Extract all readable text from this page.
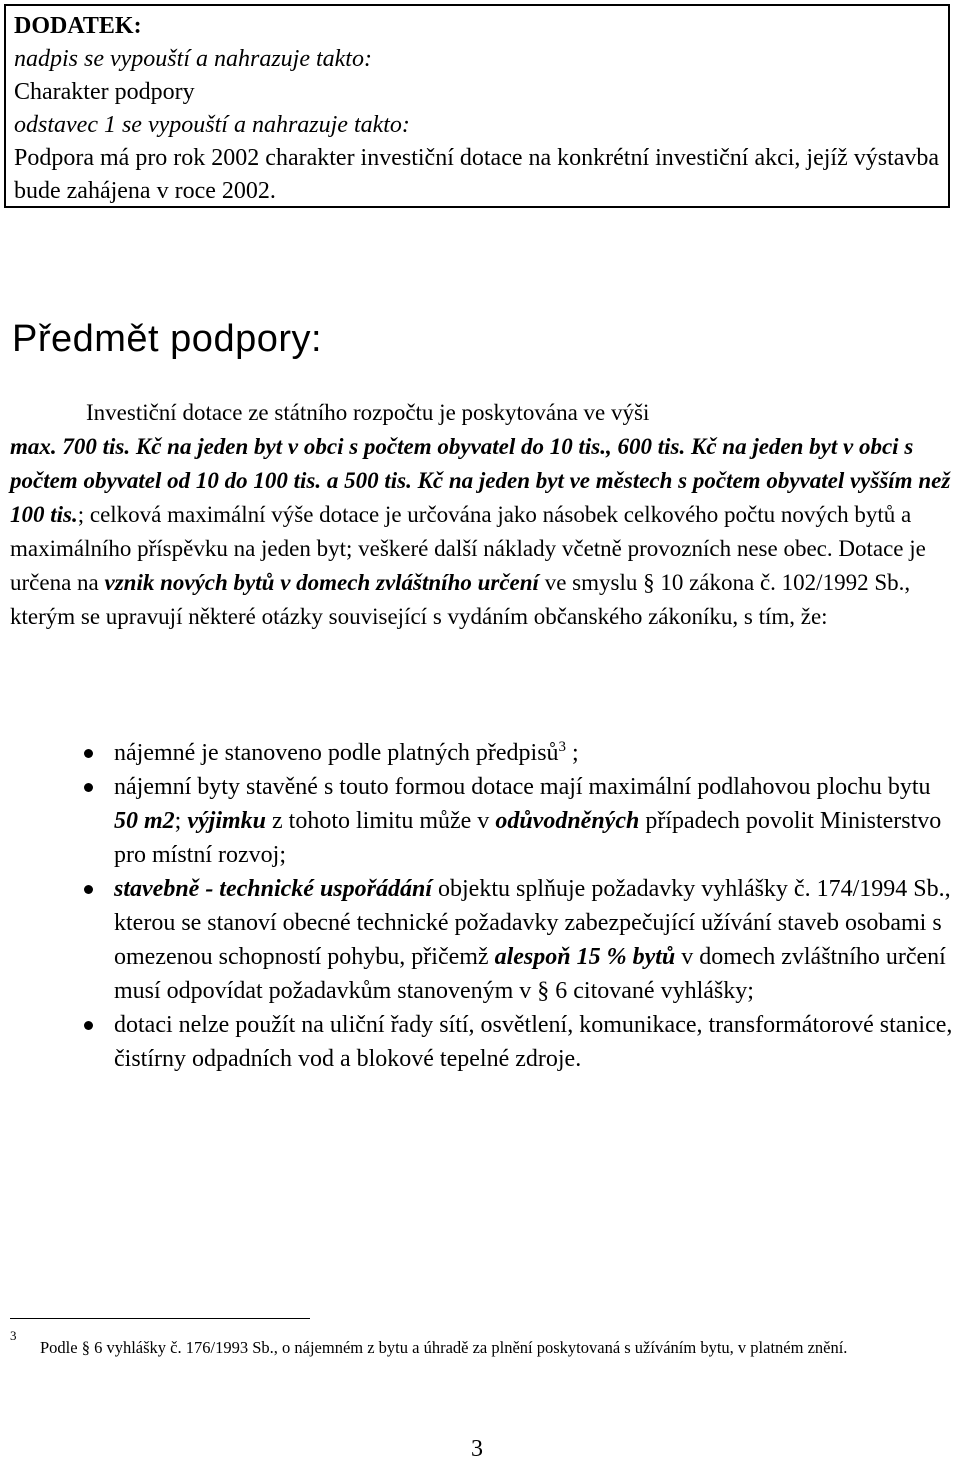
DODATEK:
nadpis se vypouští a nahrazuje takto:
Charakter podpory
odstavec 1 se vypouští a nahrazuje takto:
Podpora má pro rok 2002 charakter investiční dotace na konkrétní investiční akci, jejíž výstavba bude zahájena v roce 2002.
Předmět podpory:
Investiční dotace ze státního rozpočtu je poskytována ve výši
max. 700 tis. Kč na jeden byt v obci s počtem obyvatel do 10 tis., 600 tis. Kč na jeden byt v obci s počtem obyvatel od 10 do 100 tis. a 500 tis. Kč na jeden byt ve městech s počtem obyvatel vyšším než 100 tis.; celková maximální výše dotace je určována jako násobek celkového počtu nových bytů a maximálního příspěvku na jeden byt; veškeré další náklady včetně provozních nese obec. Dotace je určena na vznik nových bytů v domech zvláštního určení ve smyslu § 10 zákona č. 102/1992 Sb., kterým se upravují některé otázky související s vydáním občanského zákoníku, s tím, že:
nájemné je stanoveno podle platných předpisů$^3$ ;
nájemní byty stavěné s touto formou dotace mají maximální podlahovou plochu bytu 50 m2; výjimku z tohoto limitu může v odůvodněných případech povolit Ministerstvo pro místní rozvoj;
stavebně - technické uspořádání objektu splňuje požadavky vyhlášky č. 174/1994 Sb., kterou se stanoví obecné technické požadavky zabezpečující užívání staveb osobami s omezenou schopností pohybu, přičemž alespoň 15 % bytů v domech zvláštního určení musí odpovídat požadavkům stanoveným v § 6 citované vyhlášky;
dotaci nelze použít na uliční řady sítí, osvětlení, komunikace, transformátorové stanice, čistírny odpadních vod a blokové tepelné zdroje.
3
Podle § 6 vyhlášky č. 176/1993 Sb., o nájemném z bytu a úhradě za plnění poskytovaná s užíváním bytu, v platném znění.
3
